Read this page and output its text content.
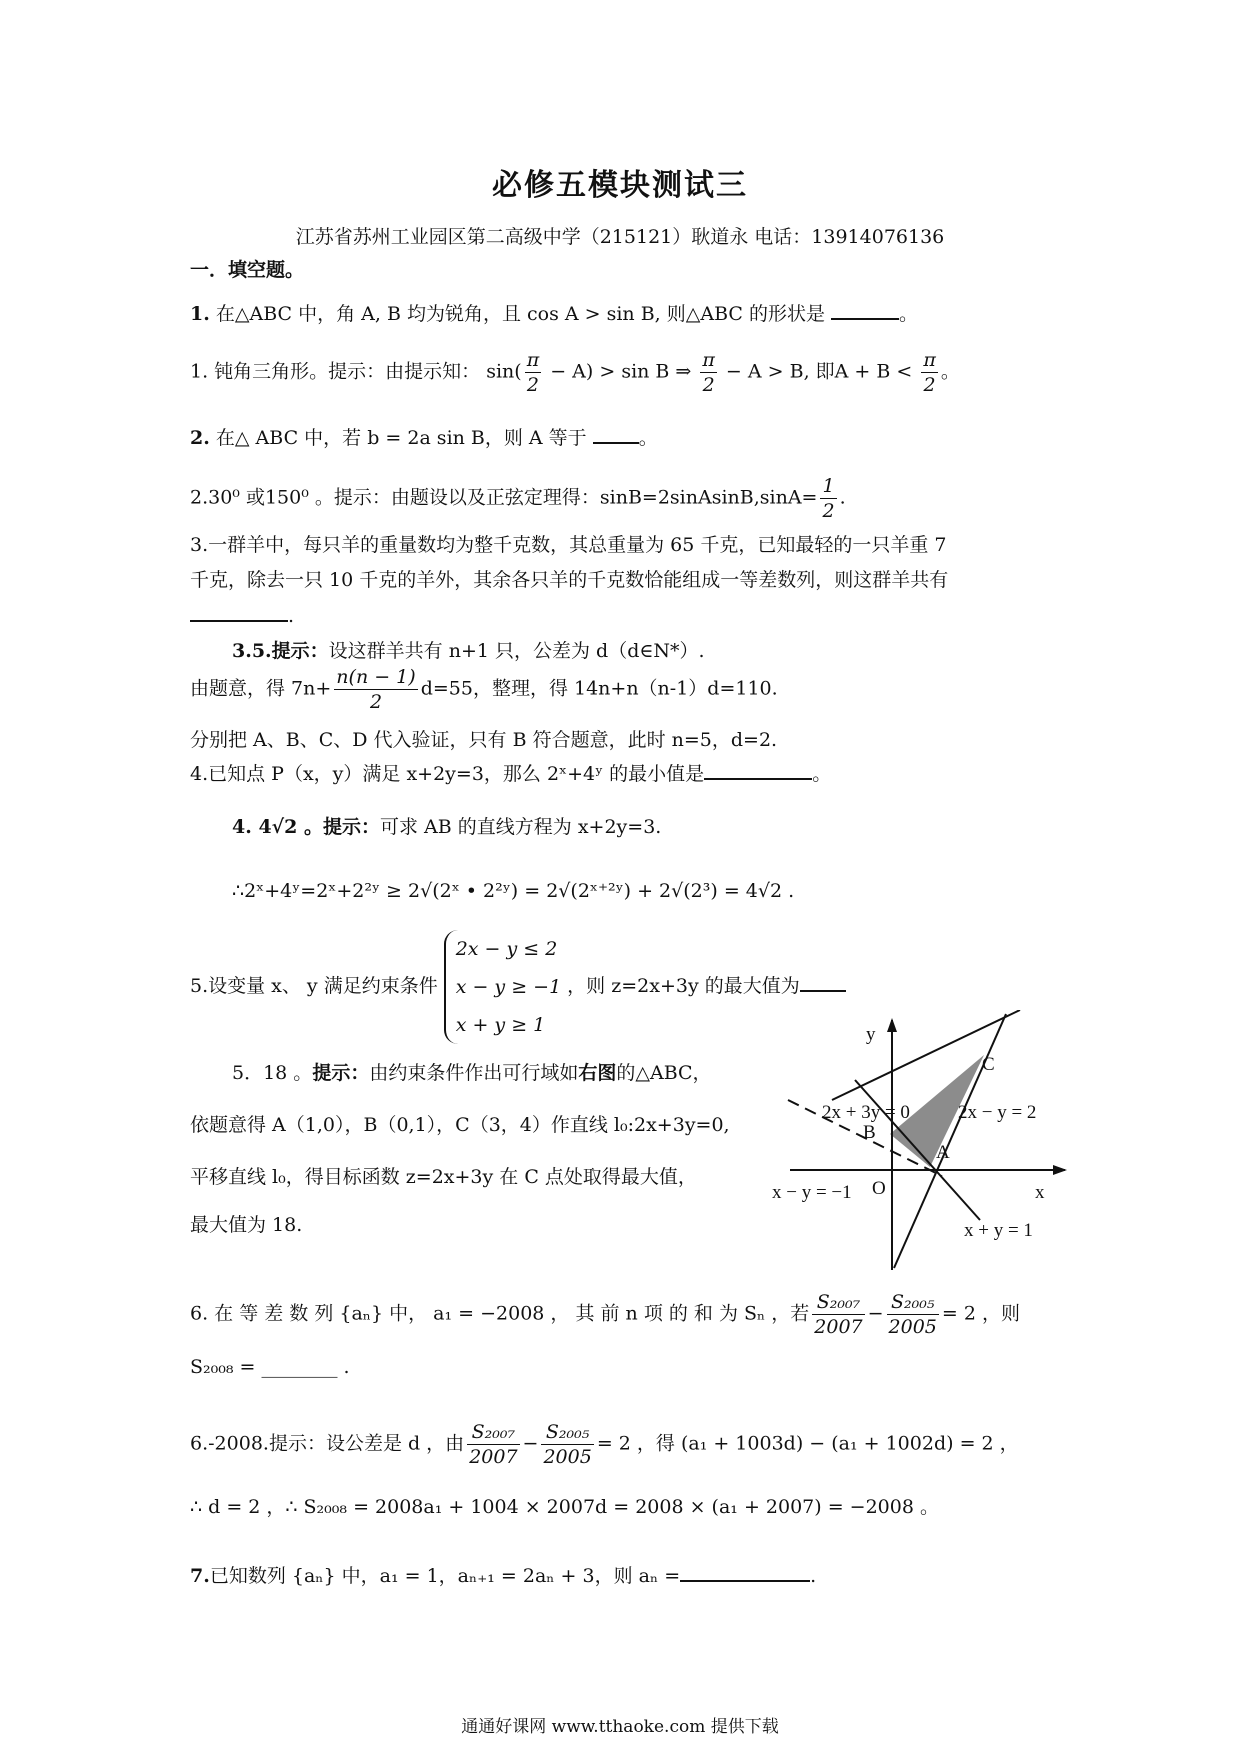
必修五模块测试三
江苏省苏州工业园区第二高级中学（215121）耿道永 电话：13914076136
一．填空题。
1. 在△ABC 中，角 A, B 均为锐角，且 cos A > sin B, 则△ABC 的形状是	。
1. 钝角三角形。提示：由提示知： $\sin( \frac{\pi}{2} - A) > \sin B$ ⇒ $\frac{\pi}{2} - A > B$, 即$A + B < \frac{\pi}{2}$ 。
2. 在△ ABC 中，若 b = 2a sin B，则 A 等于	。
2.30⁰ 或150⁰ 。提示：由题设以及正弦定理得：sinB=2sinAsinB,sinA= $\frac{1}{2}$ .
3.一群羊中，每只羊的重量数均为整千克数，其总重量为 65 千克，已知最轻的一只羊重 7
千克，除去一只 10 千克的羊外，其余各只羊的千克数恰能组成一等差数列，则这群羊共有
.
3.5.提示：设这群羊共有 n+1 只，公差为 d（d∈N*）.
由题意，得 $7n+ \frac{n(n - 1)}{2} d=55$，整理，得 14n+n（n-1）d=110.
分别把 A、B、C、D 代入验证，只有 B 符合题意，此时 n=5，d=2.
4.已知点 P（x，y）满足 x+2y=3，那么 2ˣ+4ʸ 的最小值是	。
4. 4√2 。提示：可求 AB 的直线方程为 x+2y=3.
∴2ˣ+4ʸ=2ˣ+2²ʸ ≥ 2√(2ˣ • 2²ʸ) = 2√(2ˣ⁺²ʸ) + 2√(2³) = 4√2 .
5.设变量 x、 y 满足约束条件
2x − y ≤ 2
x − y ≥ −1
x + y ≥ 1
，则 z=2x+3y 的最大值为
5．18 。提示：由约束条件作出可行域如右图的△ABC，
依题意得 A（1,0），B（0,1），C（3，4）作直线 l₀:2x+3y=0,
平移直线 l₀，得目标函数 z=2x+3y 在 C 点处取得最大值，
最大值为 18.
y
x
O
A
B
C
2x − y = 2
2x + 3y = 0
x − y = −1
x + y = 1
6. 在 等 差 数 列 {aₙ} 中， a₁ = −2008 ， 其 前 n 项 的 和 为 Sₙ ，若 $\frac{\text{S₂₀₀₇}}{2007} - \frac{\text{S₂₀₀₅}}{2005} = 2$ ，则
S₂₀₀₈ = ________ .
6.-2008.提示：设公差是 d ，由 $\frac{\text{S₂₀₀₇}}{2007} - \frac{\text{S₂₀₀₅}}{2005} = 2$ ，得 (a₁ + 1003d) − (a₁ + 1002d) = 2 ，
∴ d = 2 ，∴ S₂₀₀₈ = 2008a₁ + 1004 × 2007d = 2008 × (a₁ + 2007) = −2008 。
7.已知数列 {aₙ} 中，a₁ = 1，aₙ₊₁ = 2aₙ + 3，则 aₙ =	.
通通好课网 www.tthaoke.com 提供下载
